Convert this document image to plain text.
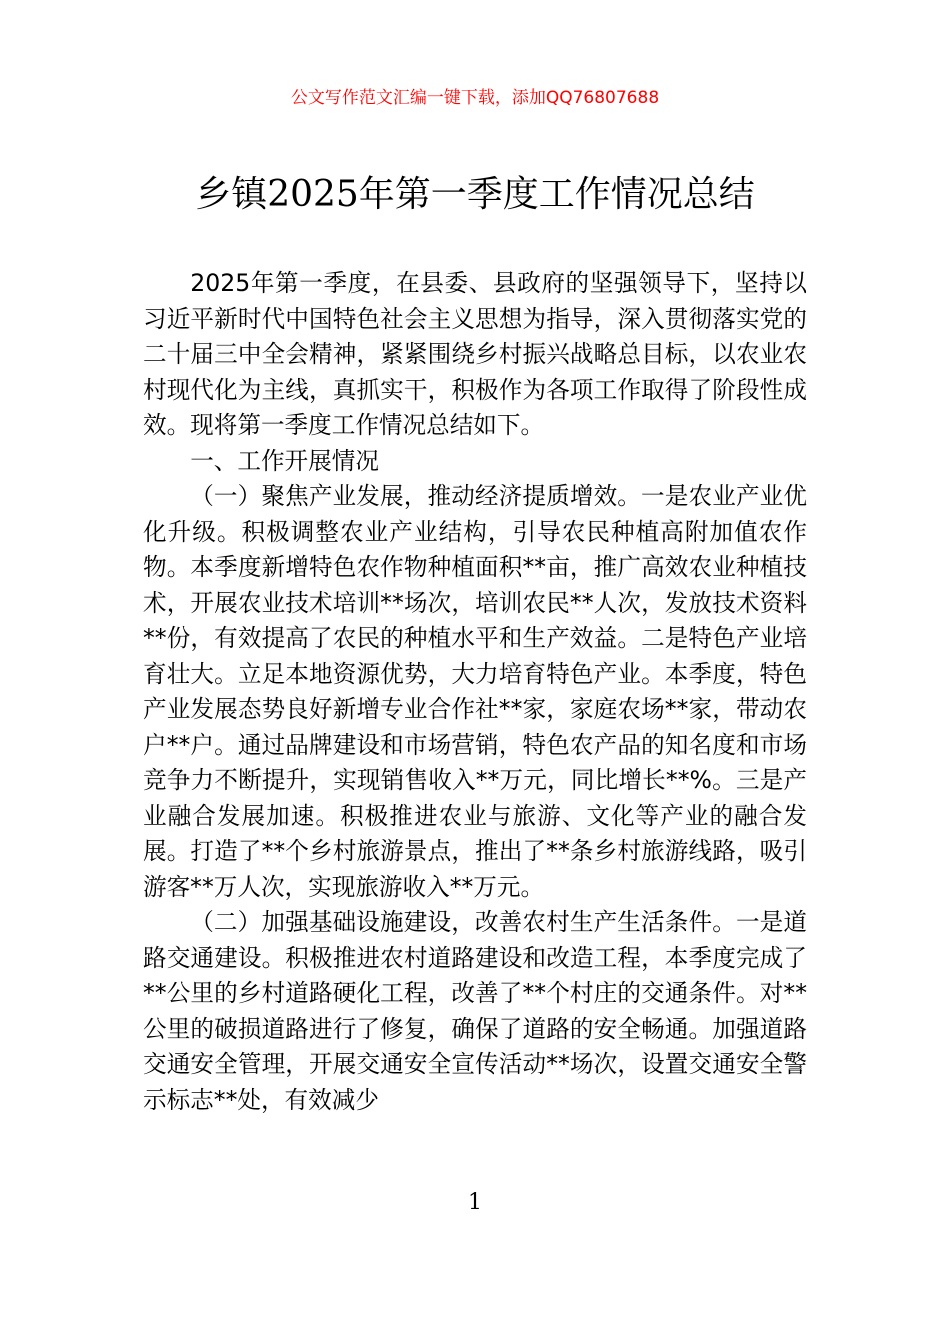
公文写作范文汇编一键下载，添加QQ76807688
乡镇2025年第一季度工作情况总结

2025年第一季度，在县委、县政府的坚强领导下，坚持以习近平新时代中国特色社会主义思想为指导，深入贯彻落实党的二十届三中全会精神，紧紧围绕乡村振兴战略总目标，以农业农村现代化为主线，真抓实干，积极作为各项工作取得了阶段性成效。现将第一季度工作情况总结如下。

一、工作开展情况

（一）聚焦产业发展，推动经济提质增效。一是农业产业优化升级。积极调整农业产业结构，引导农民种植高附加值农作物。本季度新增特色农作物种植面积**亩，推广高效农业种植技术，开展农业技术培训**场次，培训农民**人次，发放技术资料**份，有效提高了农民的种植水平和生产效益。二是特色产业培育壮大。立足本地资源优势，大力培育特色产业。本季度，特色产业发展态势良好新增专业合作社**家，家庭农场**家，带动农户**户。通过品牌建设和市场营销，特色农产品的知名度和市场竞争力不断提升，实现销售收入**万元，同比增长**%。三是产业融合发展加速。积极推进农业与旅游、文化等产业的融合发展。打造了**个乡村旅游景点，推出了**条乡村旅游线路，吸引游客**万人次，实现旅游收入**万元。

（二）加强基础设施建设，改善农村生产生活条件。一是道路交通建设。积极推进农村道路建设和改造工程，本季度完成了**公里的乡村道路硬化工程，改善了**个村庄的交通条件。对**公里的破损道路进行了修复，确保了道路的安全畅通。加强道路交通安全管理，开展交通安全宣传活动**场次，设置交通安全警示标志**处，有效减少

1
